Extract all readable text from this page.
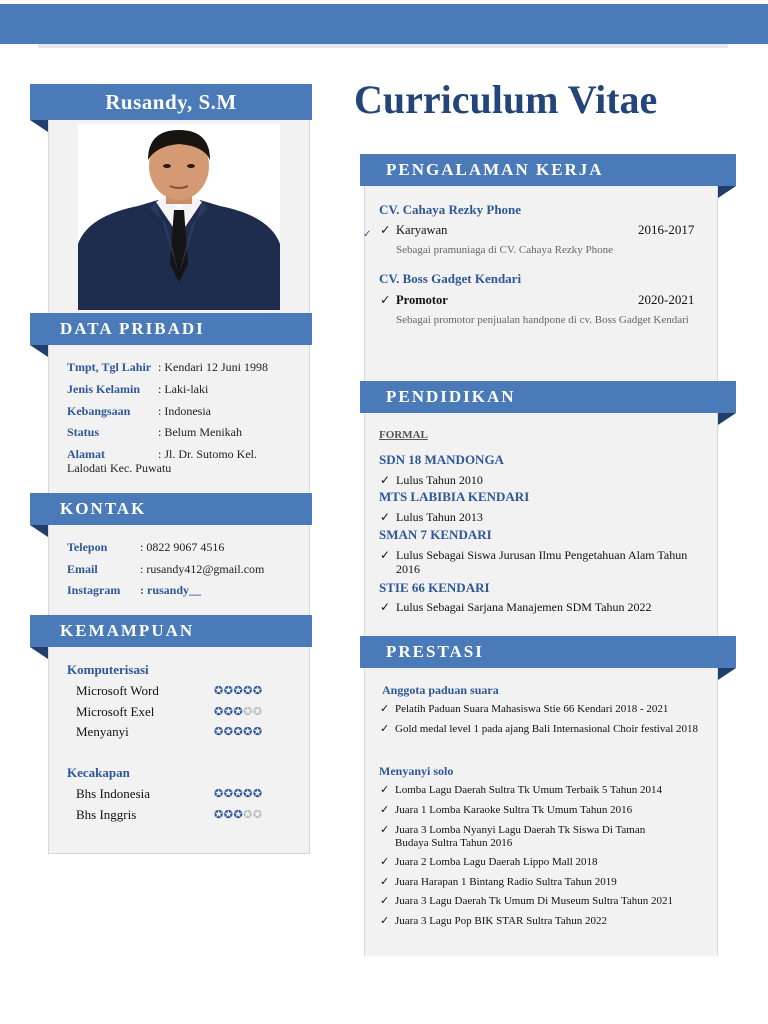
Rusandy, S.M	Curriculum Vitae
DATA PRIBADI
Tmpt, Tgl Lahir : Kendari 12 Juni 1998
Jenis Kelamin : Laki-laki
Kebangsaan : Indonesia
Status	: Belum Menikah
Alamat	: Jl. Dr. Sutomo Kel.
Lalodati Kec. Puwatu
KONTAK
Telepon	: 0822 9067 4516
Email	: rusandy412@gmail.com
Instagram : rusandy__
KEMAMPUAN
Komputerisasi
Microsoft Word	✪✪✪✪✪
Microsoft Exel	✪✪✪✪✪
Menyanyi	✪✪✪✪✪
Kecakapan
Bhs Indonesia	✪✪✪✪✪
Bhs Inggris	✪✪✪✪✪
PENGALAMAN KERJA
CV. Cahaya Rezky Phone
✓ Karyawan	2016-2017
✓
Sebagai pramuniaga di CV. Cahaya Rezky Phone
CV. Boss Gadget Kendari
✓ Promotor	2020-2021
Sebagai promotor penjualan handpone di cv. Boss Gadget Kendari
PENDIDIKAN
FORMAL
SDN 18 MANDONGA
✓ Lulus Tahun 2010
MTS LABIBIA KENDARI
✓ Lulus Tahun 2013
SMAN 7 KENDARI
✓ Lulus Sebagai Siswa Jurusan Ilmu Pengetahuan Alam Tahun 2016
STIE 66 KENDARI
✓ Lulus Sebagai Sarjana Manajemen SDM Tahun 2022
PRESTASI
Anggota paduan suara
✓ Pelatih Paduan Suara Mahasiswa Stie 66 Kendari 2018 - 2021
✓ Gold medal level 1 pada ajang Bali Internasional Choir festival 2018
Menyanyi solo
✓ Lomba Lagu Daerah Sultra Tk Umum Terbaik 5 Tahun 2014
✓ Juara 1 Lomba Karaoke Sultra Tk Umum Tahun 2016
✓ Juara 3 Lomba Nyanyi Lagu Daerah Tk Siswa Di Taman Budaya Sultra Tahun 2016
✓ Juara 2 Lomba Lagu Daerah Lippo Mall 2018
✓ Juara Harapan 1 Bintang Radio Sultra Tahun 2019
✓ Juara 3 Lagu Daerah Tk Umum Di Museum Sultra Tahun 2021
✓ Juara 3 Lagu Pop BIK STAR Sultra Tahun 2022
